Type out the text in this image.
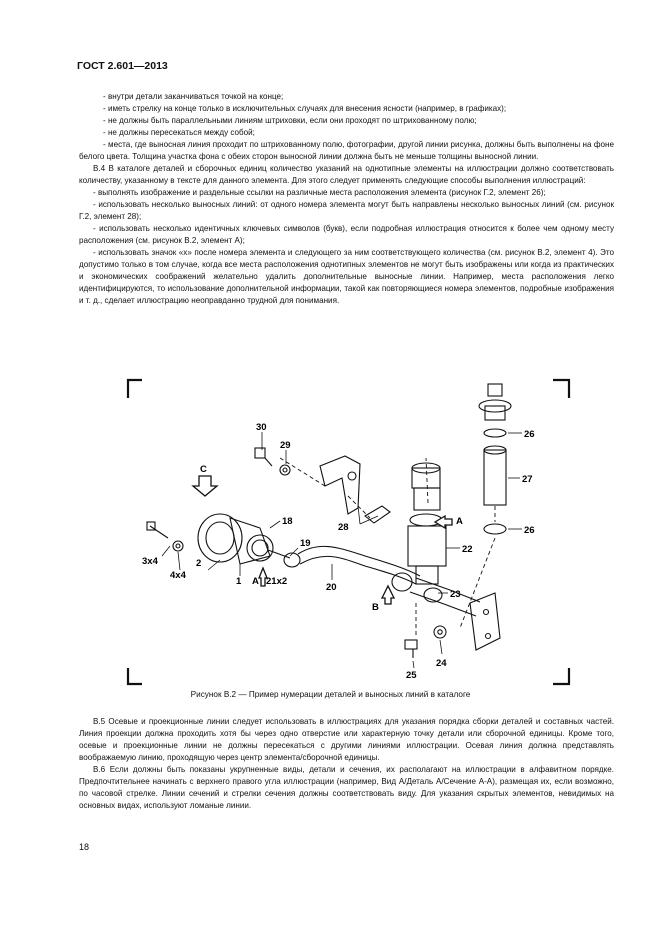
ГОСТ 2.601—2013

- внутри детали заканчиваться точкой на конце;

- иметь стрелку на конце только в исключительных случаях для внесения ясности (например, в графиках);

- не должны быть параллельными линиям штриховки, если они проходят по штрихованному полю;

- не должны пересекаться между собой;

- места, где выносная линия проходит по штрихованному полю, фотографии, другой линии рисунка, должны быть выполнены на фоне белого цвета. Толщина участка фона с обеих сторон выносной линии должна быть не меньше толщины выносной линии.

В.4 В каталоге деталей и сборочных единиц количество указаний на однотипные элементы на иллюстрации должно соответствовать количеству, указанному в тексте для данного элемента. Для этого следует применять следующие способы выполнения иллюстраций:

- выполнять изображение и раздельные ссылки на различные места расположения элемента (рисунок Г.2, элемент 26);

- использовать несколько выносных линий: от одного номера элемента могут быть направлены несколько выносных линий (см. рисунок Г.2, элемент 28);

- использовать несколько идентичных ключевых символов (букв), если подробная иллюстрация относится к более чем одному месту расположения (см. рисунок В.2, элемент А);

- использовать значок «х» после номера элемента и следующего за ним соответствующего количества (см. рисунок В.2, элемент 4). Это допустимо только в том случае, когда все места расположения однотипных элементов не могут быть изображены или когда из практических и экономических соображений желательно удалить дополнительные выносные линии. Например, места расположения легко идентифицируются, то использование дополнительной информации, такой как повторяющиеся номера элементов, подробные изображения и т. д., сделает иллюстрацию неоправданно трудной для понимания.

30
29
26
27
26
28
C
18
19
A
22
3x4
4x4
2
1 A 21x2
20
B
23
25
24
Рисунок В.2 — Пример нумерации деталей и выносных линий в каталоге

В.5 Осевые и проекционные линии следует использовать в иллюстрациях для указания порядка сборки деталей и составных частей. Линия проекции должна проходить хотя бы через одно отверстие или характерную точку детали или сборочной единицы. Кроме того, осевые и проекционные линии не должны пересекаться с другими линиями иллюстрации. Осевая линия должна представлять воображаемую линию, проходящую через центр элемента/сборочной единицы.

В.6 Если должны быть показаны укрупненные виды, детали и сечения, их располагают на иллюстрации в алфавитном порядке. Предпочтительнее начинать с верхнего правого угла иллюстрации (например, Вид А/Деталь А/Сечение А-А), размещая их, если возможно, по часовой стрелке. Линии сечений и стрелки сечения должны соответствовать виду. Для указания скрытых элементов, невидимых на основных видах, используют ломаные линии.

18
